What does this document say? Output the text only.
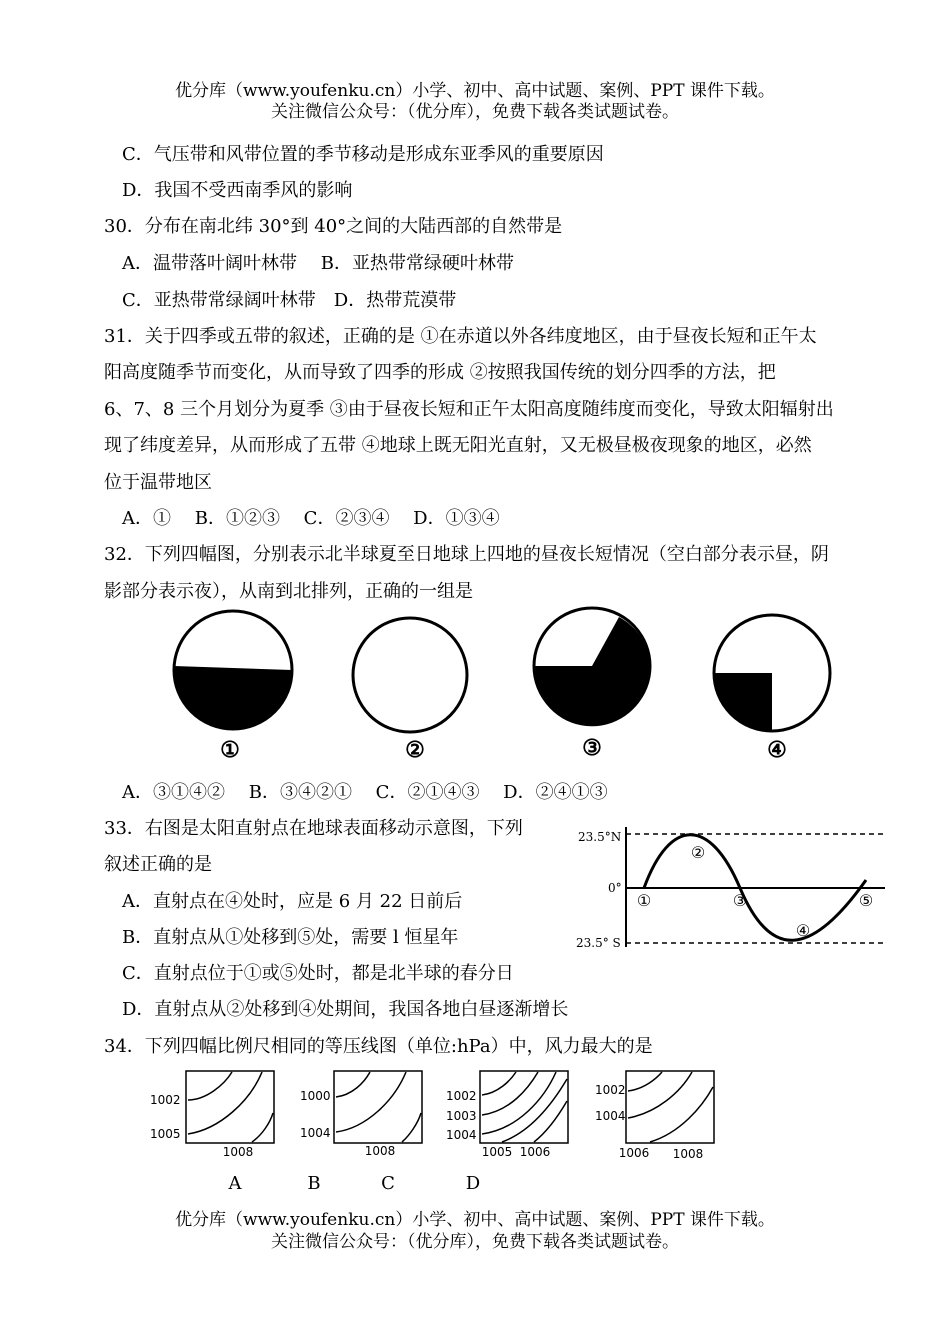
优分库（www.youfenku.cn）小学、初中、高中试题、案例、PPT 课件下载。
关注微信公众号：（优分库），免费下载各类试题试卷。
C．气压带和风带位置的季节移动是形成东亚季风的重要原因
D．我国不受西南季风的影响
30．分布在南北纬 30°到 40°之间的大陆西部的自然带是
A．温带落叶阔叶林带　 B．亚热带常绿硬叶林带
C．亚热带常绿阔叶林带　D．热带荒漠带
31．关于四季或五带的叙述，正确的是 ①在赤道以外各纬度地区，由于昼夜长短和正午太
阳高度随季节而变化，从而导致了四季的形成 ②按照我国传统的划分四季的方法，把
6、7、8 三个月划分为夏季 ③由于昼夜长短和正午太阳高度随纬度而变化，导致太阳辐射出
现了纬度差异，从而形成了五带 ④地球上既无阳光直射，又无极昼极夜现象的地区，必然
位于温带地区
A．①　 B．①②③　 C．②③④　 D．①③④
32．下列四幅图，分别表示北半球夏至日地球上四地的昼夜长短情况（空白部分表示昼，阴
影部分表示夜），从南到北排列，正确的一组是
①	②	③	④
A．③①④②　 B．③④②①　 C．②①④③　 D．②④①③
33．右图是太阳直射点在地球表面移动示意图，下列
叙述正确的是
A．直射点在④处时，应是 6 月 22 日前后
B．直射点从①处移到⑤处，需要 l 恒星年
C．直射点位于①或⑤处时，都是北半球的春分日
D．直射点从②处移到④处期间，我国各地白昼逐渐增长
23.5°N
0°
23.5° S
①
②
③
④
⑤
34．下列四幅比例尺相同的等压线图（单位:hPa）中，风力最大的是
1002
1005
1008
A
1000
1004
1008
B
1002
1003
1004
1005 1006
C
1002
1004
1006 1008
D
优分库（www.youfenku.cn）小学、初中、高中试题、案例、PPT 课件下载。
关注微信公众号：（优分库），免费下载各类试题试卷。
